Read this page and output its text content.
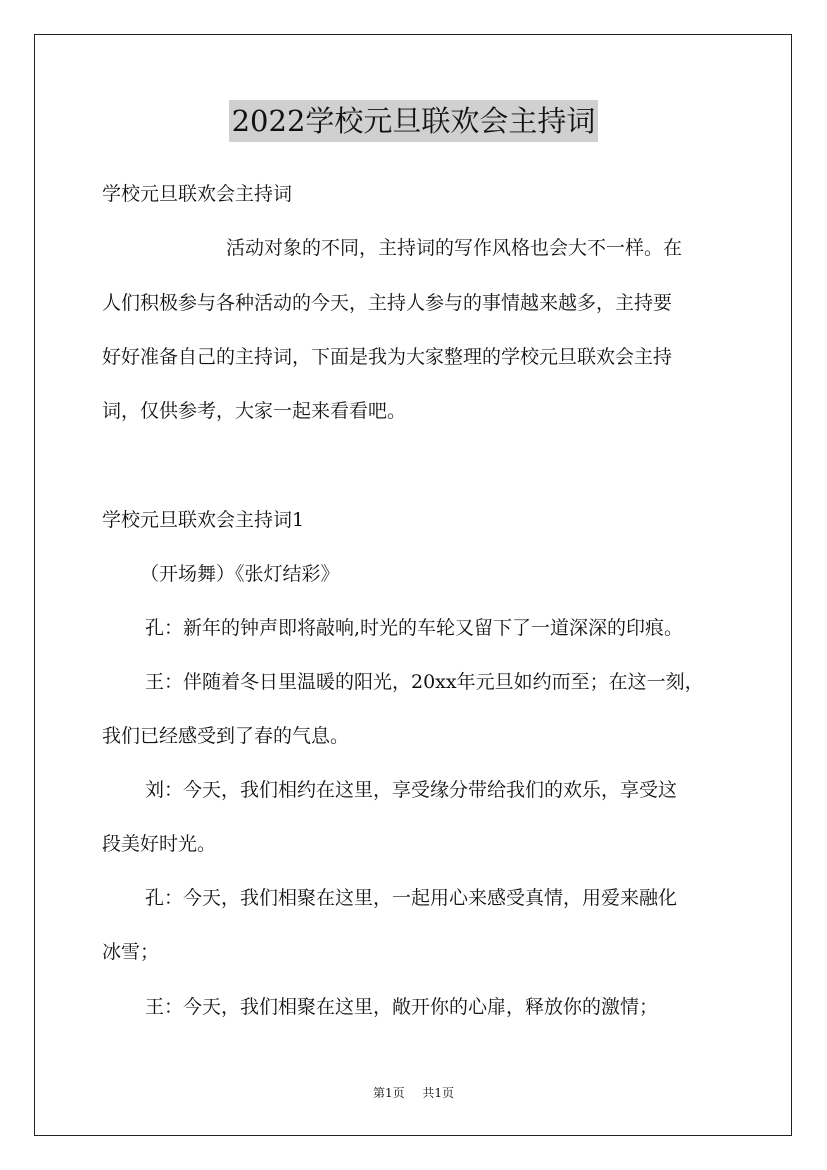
2022学校元旦联欢会主持词
学校元旦联欢会主持词
活动对象的不同，主持词的写作风格也会大不一样。在
人们积极参与各种活动的今天，主持人参与的事情越来越多，主持要
好好准备自己的主持词，下面是我为大家整理的学校元旦联欢会主持
词，仅供参考，大家一起来看看吧。
学校元旦联欢会主持词1
（开场舞）《张灯结彩》
孔：新年的钟声即将敲响,时光的车轮又留下了一道深深的印痕。
王：伴随着冬日里温暖的阳光，20xx年元旦如约而至；在这一刻，
我们已经感受到了春的气息。
刘：今天，我们相约在这里，享受缘分带给我们的欢乐，享受这
段美好时光。
孔：今天，我们相聚在这里，一起用心来感受真情，用爱来融化
冰雪；
王：今天，我们相聚在这里，敞开你的心扉，释放你的激情；
第1页 共1页
